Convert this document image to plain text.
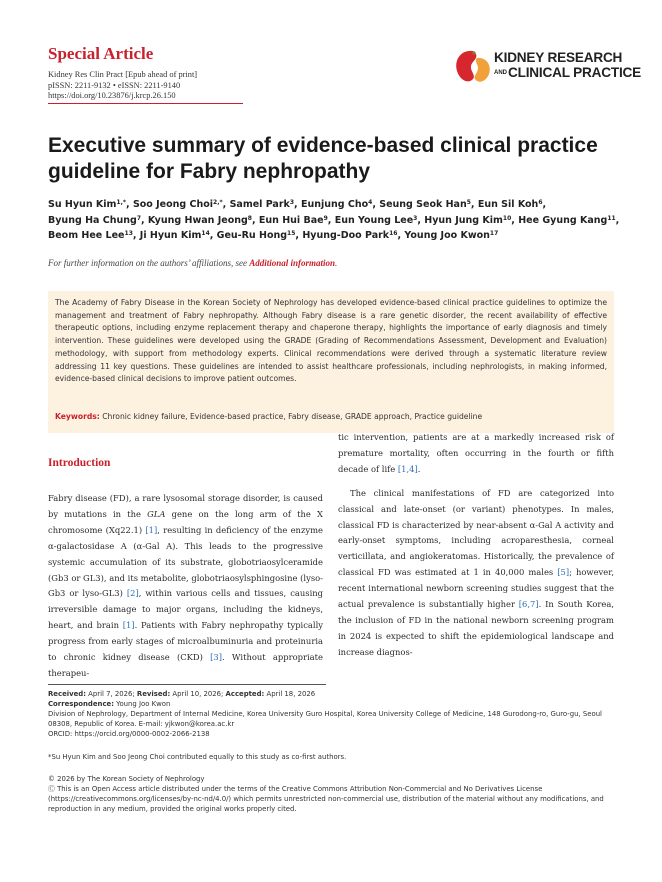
Special Article
Kidney Res Clin Pract [Epub ahead of print]
pISSN: 2211-9132 • eISSN: 2211-9140
https://doi.org/10.23876/j.krcp.26.150
KIDNEY RESEARCH
AND CLINICAL PRACTICE
Executive summary of evidence-based clinical practice guideline for Fabry nephropathy
Su Hyun Kim$^{1,*}$, Soo Jeong Choi$^{2,*}$, Samel Park$^3$, Eunjung Cho$^4$, Seung Seok Han$^5$, Eun Sil Koh$^6$,
Byung Ha Chung$^7$, Kyung Hwan Jeong$^8$, Eun Hui Bae$^9$, Eun Young Lee$^3$, Hyun Jung Kim$^{10}$, Hee Gyung Kang$^{11}$,
Beom Hee Lee$^{13}$, Ji Hyun Kim$^{14}$, Geu-Ru Hong$^{15}$, Hyung-Doo Park$^{16}$, Young Joo Kwon$^{17}$
For further information on the authors’ affiliations, see Additional information.

The Academy of Fabry Disease in the Korean Society of Nephrology has developed evidence-based clinical practice guidelines to optimize the management and treatment of Fabry nephropathy. Although Fabry disease is a rare genetic disorder, the recent availability of effective therapeutic options, including enzyme replacement therapy and chaperone therapy, highlights the importance of early diagnosis and timely intervention. These guidelines were developed using the GRADE (Grading of Recommendations Assessment, Development and Evaluation) methodology, with support from methodology experts. Clinical recommendations were derived through a systematic literature review addressing 11 key questions. These guidelines are intended to assist healthcare professionals, including nephrologists, in making informed, evidence-based clinical decisions to improve patient outcomes.

Keywords: Chronic kidney failure, Evidence-based practice, Fabry disease, GRADE approach, Practice guideline
Introduction

Fabry disease (FD), a rare lysosomal storage disorder, is caused by mutations in the GLA gene on the long arm of the X chromosome (Xq22.1) [1], resulting in deficiency of the enzyme α-galactosidase A (α-Gal A). This leads to the progressive systemic accumulation of its substrate, globotriaosylceramide (Gb3 or GL3), and its metabolite, globotriaosylsphingosine (lyso-Gb3 or lyso-GL3) [2], within various cells and tissues, causing irreversible damage to major organs, including the kidneys, heart, and brain [1]. Patients with Fabry nephropathy typically progress from early stages of microalbuminuria and proteinuria to chronic kidney disease (CKD) [3]. Without appropriate therapeu-

tic intervention, patients are at a markedly increased risk of premature mortality, often occurring in the fourth or fifth decade of life [1,4].

The clinical manifestations of FD are categorized into classical and late-onset (or variant) phenotypes. In males, classical FD is characterized by near-absent α-Gal A activity and early-onset symptoms, including acroparesthesia, corneal verticillata, and angiokeratomas. Historically, the prevalence of classical FD was estimated at 1 in 40,000 males [5]; however, recent international newborn screening studies suggest that the actual prevalence is substantially higher [6,7]. In South Korea, the inclusion of FD in the national newborn screening program in 2024 is expected to shift the epidemiological landscape and increase diagnos-

Received: April 7, 2026; Revised: April 10, 2026; Accepted: April 18, 2026
Correspondence: Young Joo Kwon
Division of Nephrology, Department of Internal Medicine, Korea University Guro Hospital, Korea University College of Medicine, 148 Gurodong-ro, Guro-gu, Seoul 08308, Republic of Korea. E-mail: yjkwon@korea.ac.kr
ORCID: https://orcid.org/0000-0002-2066-2138
*Su Hyun Kim and Soo Jeong Choi contributed equally to this study as co-first authors.
© 2026 by The Korean Society of Nephrology
Ⓒ This is an Open Access article distributed under the terms of the Creative Commons Attribution Non-Commercial and No Derivatives License (https://creativecommons.org/licenses/by-nc-nd/4.0/) which permits unrestricted non-commercial use, distribution of the material without any modifications, and reproduction in any medium, provided the original works properly cited.
